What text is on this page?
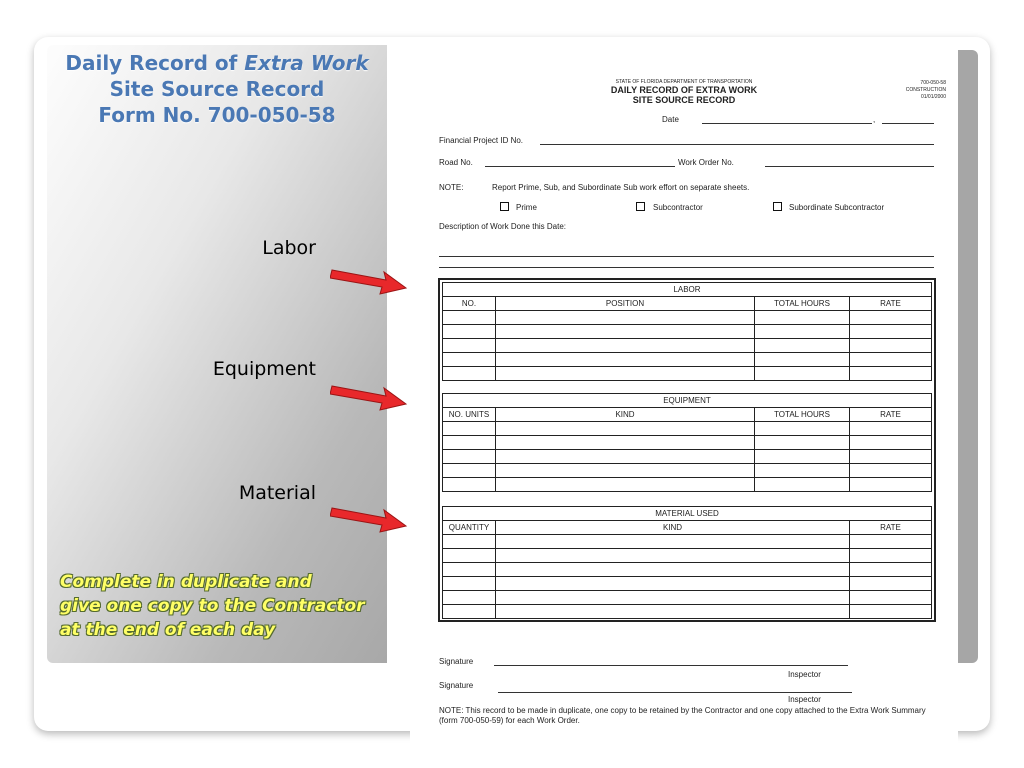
Daily Record of Extra Work
Site Source Record
Form No. 700-050-58
Labor
Equipment
Material
Complete in duplicate and
give one copy to the Contractor
at the end of each day
STATE OF FLORIDA DEPARTMENT OF TRANSPORTATION
DAILY RECORD OF EXTRA WORK
SITE SOURCE RECORD
700-050-58
CONSTRUCTION
01/01/2000
Date	,
Financial Project ID No.
Road No.	Work Order No.
NOTE:	Report Prime, Sub, and Subordinate Sub work effort on separate sheets.
Prime	Subcontractor	Subordinate Subcontractor
Description of Work Done this Date:
LABOR			
NO.	POSITION	TOTAL HOURS	RATE

EQUIPMENT			
NO. UNITS	KIND	TOTAL HOURS	RATE

MATERIAL USED		
QUANTITY	KIND	RATE

Signature
Inspector
Signature
Inspector
NOTE: This record to be made in duplicate, one copy to be retained by the Contractor and one copy attached to the Extra Work Summary (form 700-050-59) for each Work Order.
